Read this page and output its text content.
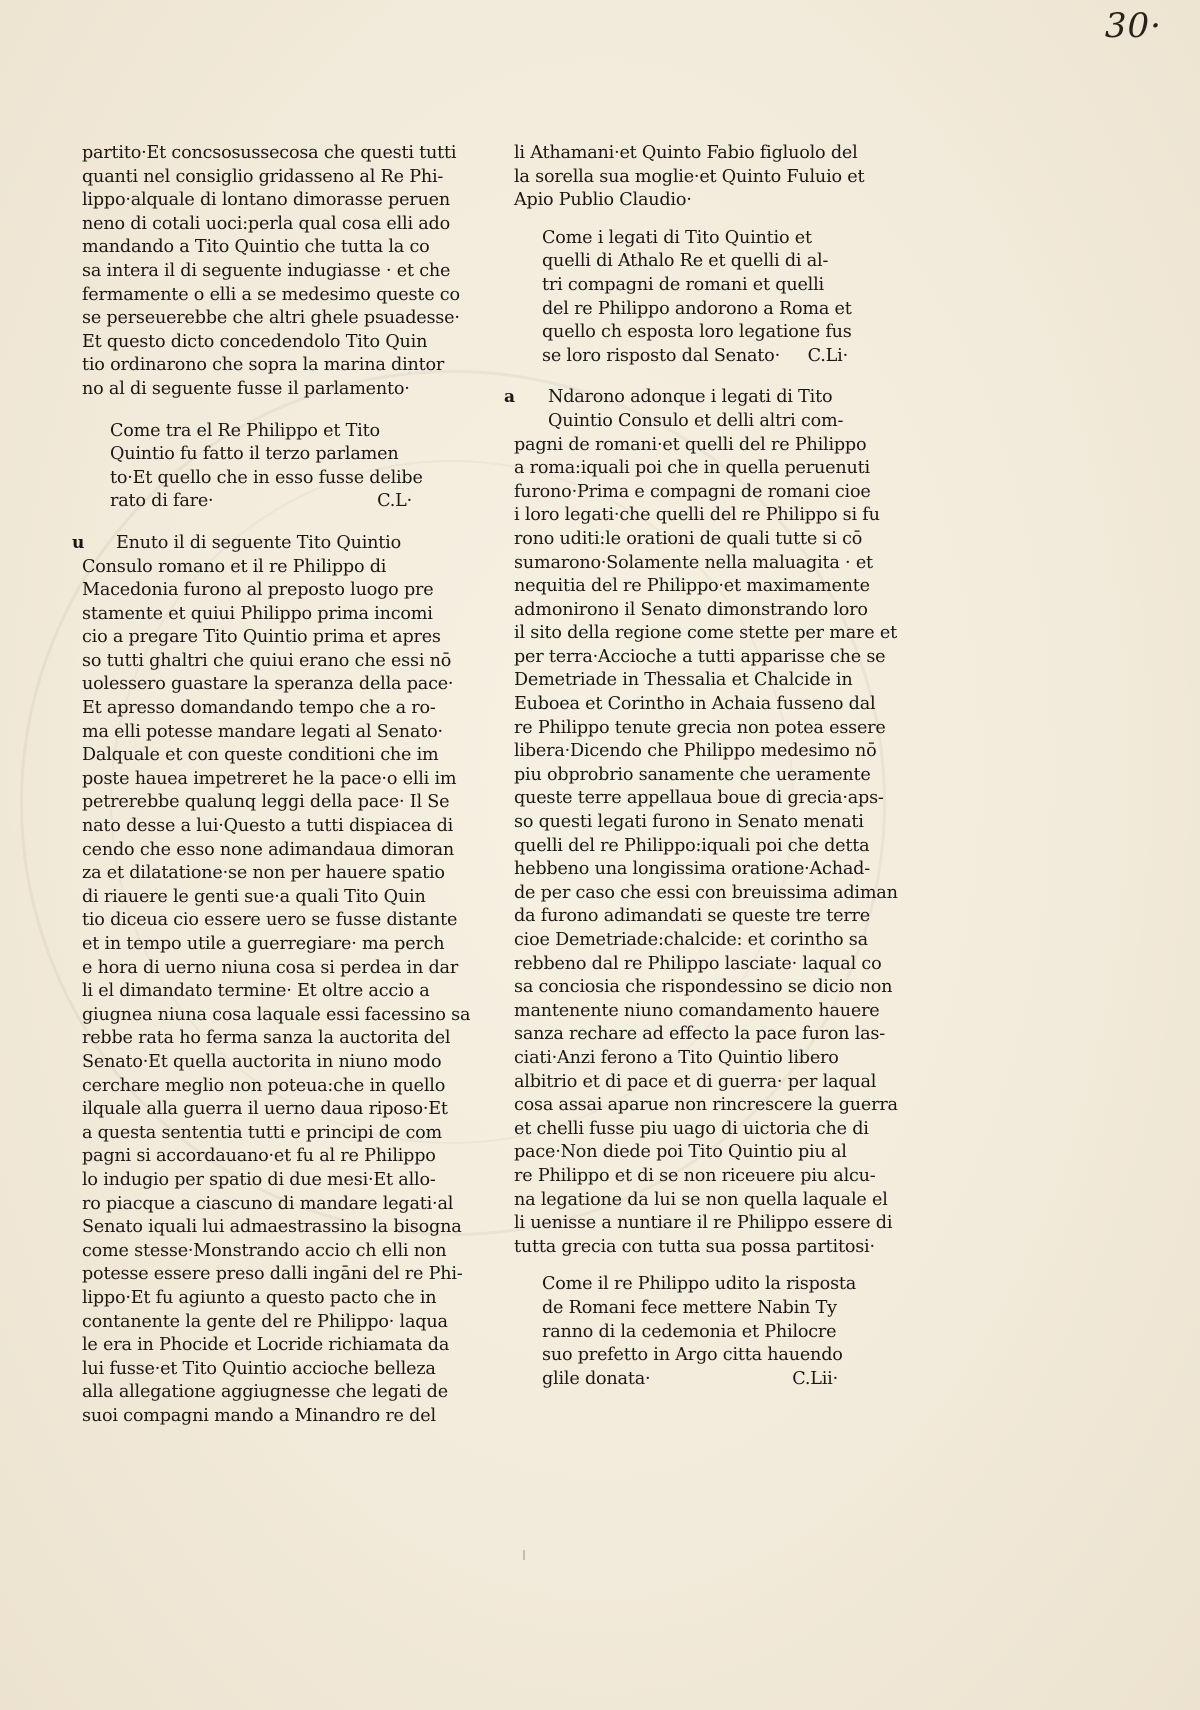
30·
partito·Et concsosussecosa che questi tutti
quanti nel consiglio gridasseno al Re Phi-
lippo·alquale di lontano dimorasse peruen
neno di cotali uoci:perla qual cosa elli ado
mandando a Tito Quintio che tutta la co
sa intera il di seguente indugiasse · et che
fermamente o elli a se medesimo queste co
se perseuerebbe che altri ghele psuadesse·
Et questo dicto concedendolo Tito Quin
tio ordinarono che sopra la marina dintor
no al di seguente fusse il parlamento·
Come tra el Re Philippo et Tito
Quintio fu fatto il terzo parlamen
to·Et quello che in esso fusse delibe
rato di fare·	C.L·
u	Enuto il di seguente Tito Quintio
Consulo romano et il re Philippo di
Macedonia furono al preposto luogo pre
stamente et quiui Philippo prima incomi
cio a pregare Tito Quintio prima et apres
so tutti ghaltri che quiui erano che essi nō
uolessero guastare la speranza della pace·
Et apresso domandando tempo che a ro-
ma elli potesse mandare legati al Senato·
Dalquale et con queste conditioni che im
poste hauea impetreret he la pace·o elli im
petrerebbe qualunq leggi della pace· Il Se
nato desse a lui·Questo a tutti dispiacea di
cendo che esso none adimandaua dimoran
za et dilatatione·se non per hauere spatio
di riauere le genti sue·a quali Tito Quin
tio diceua cio essere uero se fusse distante
et in tempo utile a guerregiare· ma perch
e hora di uerno niuna cosa si perdea in dar
li el dimandato termine· Et oltre accio a
giugnea niuna cosa laquale essi facessino sa
rebbe rata ho ferma sanza la auctorita del
Senato·Et quella auctorita in niuno modo
cerchare meglio non poteua:che in quello
ilquale alla guerra il uerno daua riposo·Et
a questa sententia tutti e principi de com
pagni si accordauano·et fu al re Philippo
lo indugio per spatio di due mesi·Et allo-
ro piacque a ciascuno di mandare legati·al
Senato iquali lui admaestrassino la bisogna
come stesse·Monstrando accio ch elli non
potesse essere preso dalli ingāni del re Phi-
lippo·Et fu agiunto a questo pacto che in
contanente la gente del re Philippo· laqua
le era in Phocide et Locride richiamata da
lui fusse·et Tito Quintio accioche belleza
alla allegatione aggiugnesse che legati de
suoi compagni mando a Minandro re del
li Athamani·et Quinto Fabio figluolo del
la sorella sua moglie·et Quinto Fuluio et
Apio Publio Claudio·
Come i legati di Tito Quintio et
quelli di Athalo Re et quelli di al-
tri compagni de romani et quelli
del re Philippo andorono a Roma et
quello ch esposta loro legatione fus
se loro risposto dal Senato· C.Li·
a	Ndarono adonque i legati di Tito
Quintio Consulo et delli altri com-
pagni de romani·et quelli del re Philippo
a roma:iquali poi che in quella peruenuti
furono·Prima e compagni de romani cioe
i loro legati·che quelli del re Philippo si fu
rono uditi:le orationi de quali tutte si cō
sumarono·Solamente nella maluagita · et
nequitia del re Philippo·et maximamente
admonirono il Senato dimonstrando loro
il sito della regione come stette per mare et
per terra·Accioche a tutti apparisse che se
Demetriade in Thessalia et Chalcide in
Euboea et Corintho in Achaia fusseno dal
re Philippo tenute grecia non potea essere
libera·Dicendo che Philippo medesimo nō
piu obprobrio sanamente che ueramente
queste terre appellaua boue di grecia·aps-
so questi legati furono in Senato menati
quelli del re Philippo:iquali poi che detta
hebbeno una longissima oratione·Achad-
de per caso che essi con breuissima adiman
da furono adimandati se queste tre terre
cioe Demetriade:chalcide: et corintho sa
rebbeno dal re Philippo lasciate· laqual co
sa conciosia che rispondessino se dicio non
mantenente niuno comandamento hauere
sanza rechare ad effecto la pace furon las-
ciati·Anzi ferono a Tito Quintio libero
albitrio et di pace et di guerra· per laqual
cosa assai aparue non rincrescere la guerra
et chelli fusse piu uago di uictoria che di
pace·Non diede poi Tito Quintio piu al
re Philippo et di se non riceuere piu alcu-
na legatione da lui se non quella laquale el
li uenisse a nuntiare il re Philippo essere di
tutta grecia con tutta sua possa partitosi·
Come il re Philippo udito la risposta
de Romani fece mettere Nabin Ty
ranno di la cedemonia et Philocre
suo prefetto in Argo citta hauendo
glile donata·	C.Lii·
